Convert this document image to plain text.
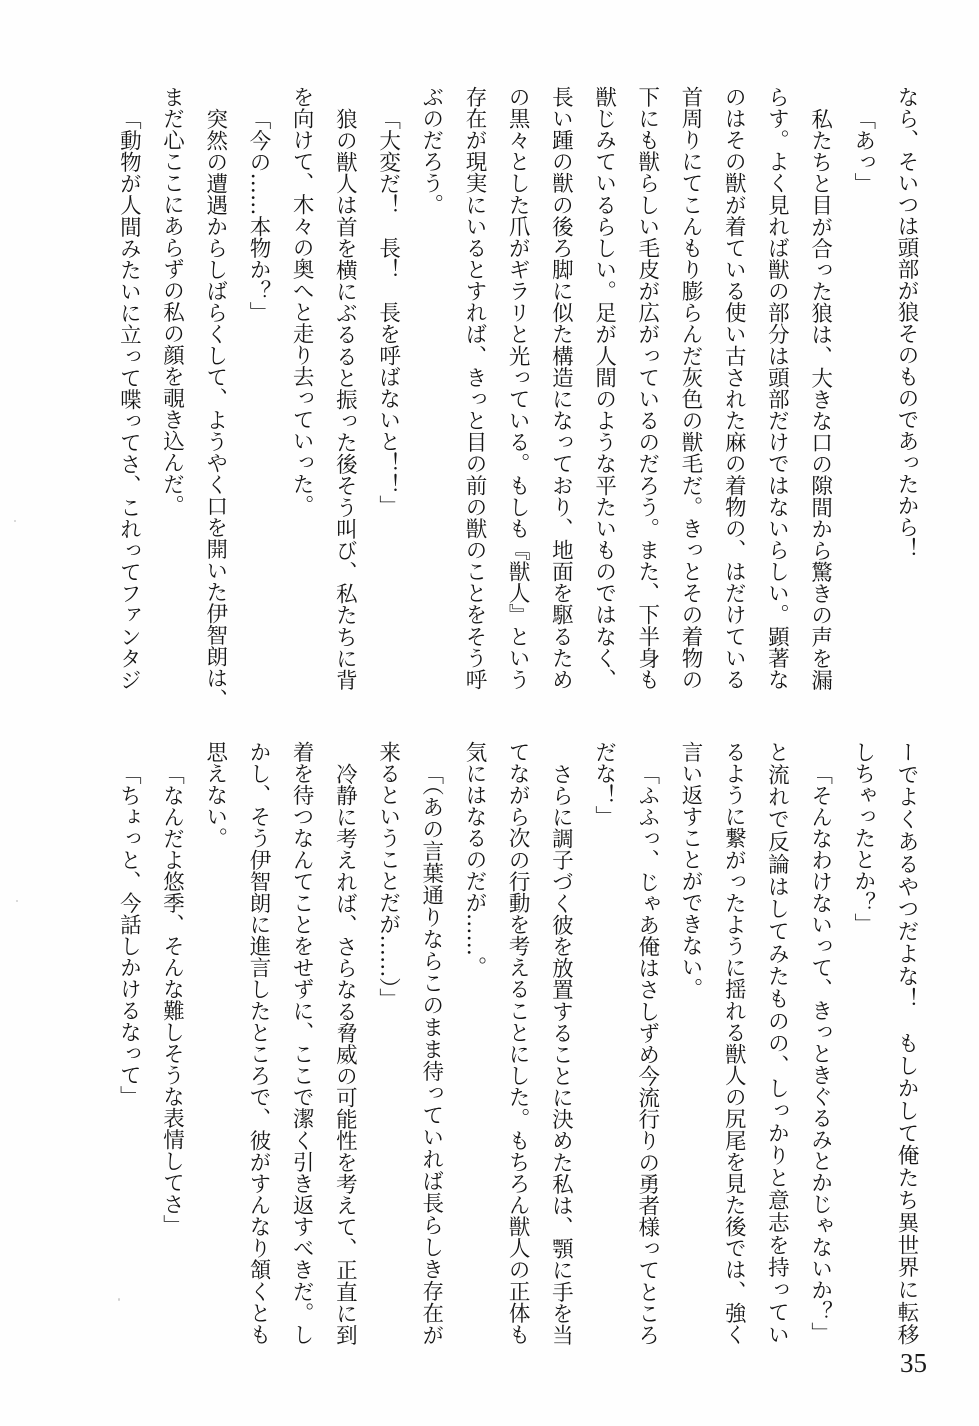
なら、そいつは頭部が狼そのものであったから！
「あっ」
私たちと目が合った狼は、大きな口の隙間から驚きの声を漏
らす。よく見れば獣の部分は頭部だけではないらしい。顕著な
のはその獣が着ている使い古された麻の着物の、はだけている
首周りにてこんもり膨らんだ灰色の獣毛だ。きっとその着物の
下にも獣らしい毛皮が広がっているのだろう。また、下半身も
獣じみているらしい。足が人間のような平たいものではなく、
長い踵の獣の後ろ脚に似た構造になっており、地面を駆るため
の黒々とした爪がギラリと光っている。もしも『獣人』という
存在が現実にいるとすれば、きっと目の前の獣のことをそう呼
ぶのだろう。
「大変だ！　長！　長を呼ばないと！！」
狼の獣人は首を横にぶるると振った後そう叫び、私たちに背
を向けて、木々の奥へと走り去っていった。
「今の……本物か？」
突然の遭遇からしばらくして、ようやく口を開いた伊智朗は、
まだ心ここにあらずの私の顔を覗き込んだ。
「動物が人間みたいに立って喋ってさ、これってファンタジ
ーでよくあるやつだよな！　もしかして俺たち異世界に転移
しちゃったとか？」
「そんなわけないって、きっときぐるみとかじゃないか？」
と流れで反論はしてみたものの、しっかりと意志を持ってい
るように繋がったように揺れる獣人の尻尾を見た後では、強く
言い返すことができない。
「ふふっ、じゃあ俺はさしずめ今流行りの勇者様ってところ
だな！」
さらに調子づく彼を放置することに決めた私は、顎に手を当
てながら次の行動を考えることにした。もちろん獣人の正体も
気にはなるのだが……。
「（あの言葉通りならこのまま待っていれば長らしき存在が
来るということだが……）」
冷静に考えれば、さらなる脅威の可能性を考えて、正直に到
着を待つなんてことをせずに、ここで潔く引き返すべきだ。し
かし、そう伊智朗に進言したところで、彼がすんなり頷くとも
思えない。
「なんだよ悠季、そんな難しそうな表情してさ」
「ちょっと、今話しかけるなって」
35
